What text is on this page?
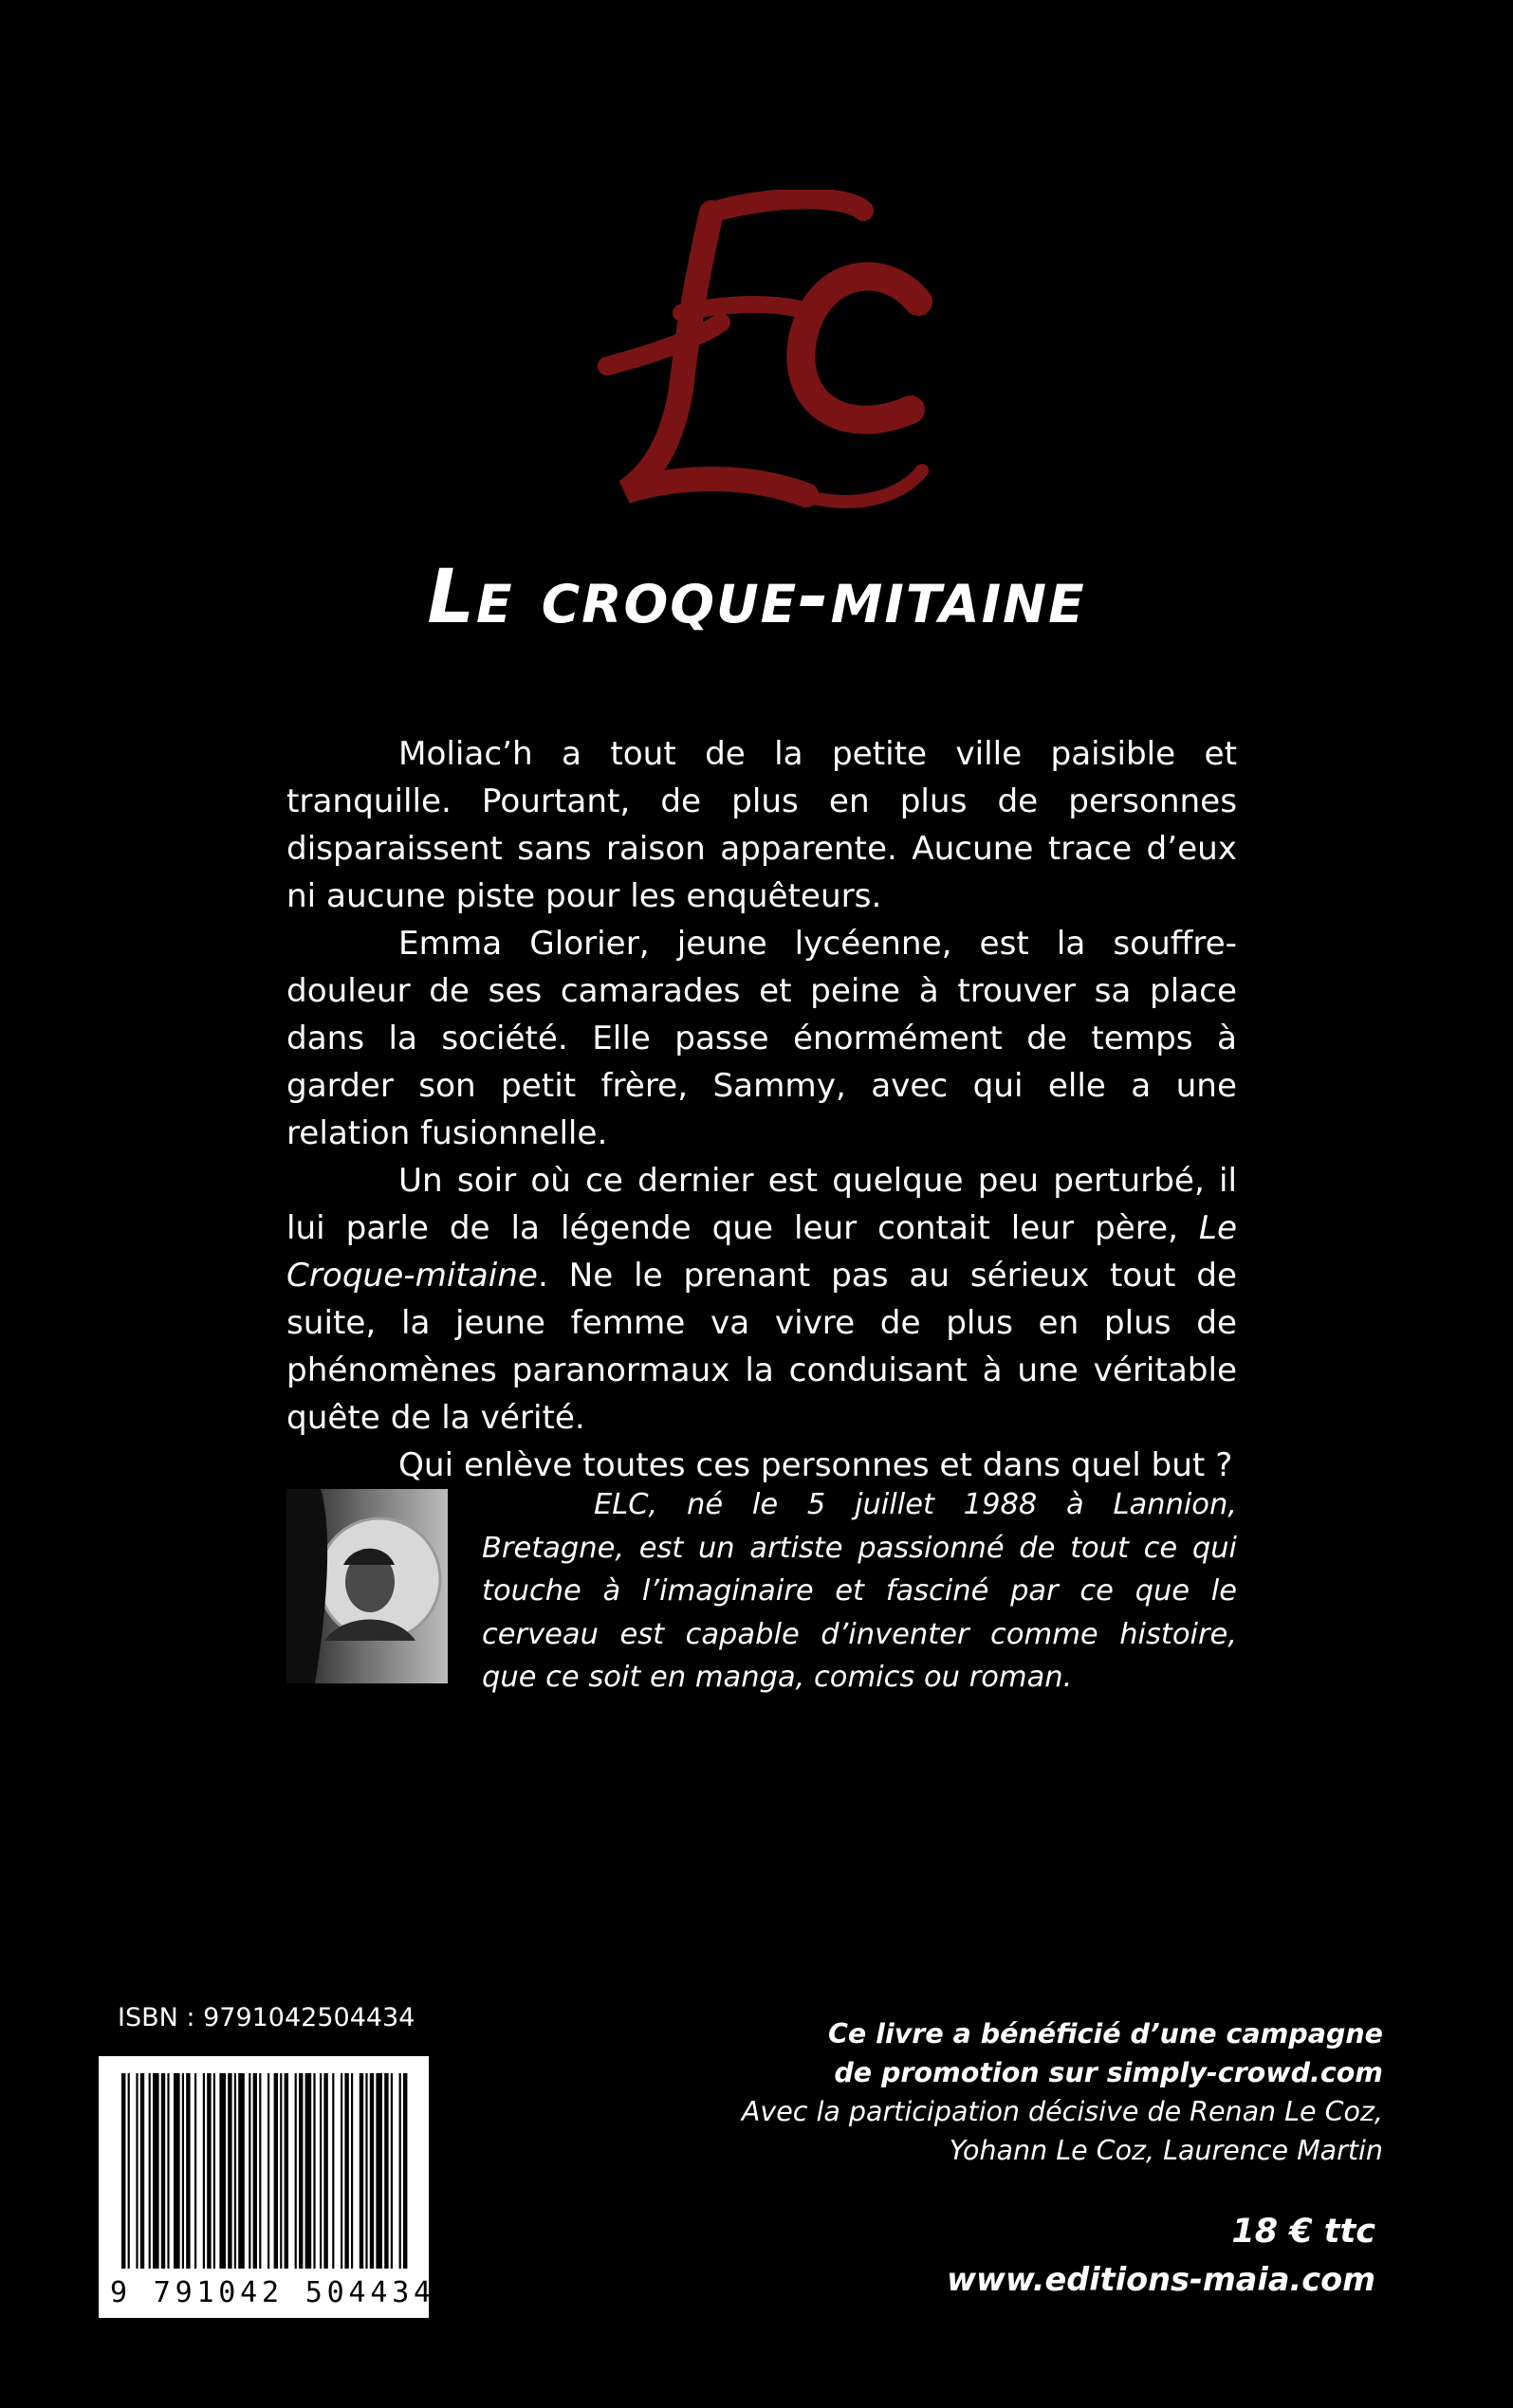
Le croque-mitaine

Moliac’h a tout de la petite ville paisible et tranquille. Pourtant, de plus en plus de personnes disparaissent sans raison apparente. Aucune trace d’eux ni aucune piste pour les enquêteurs.

Emma Glorier, jeune lycéenne, est la souffre-douleur de ses camarades et peine à trouver sa place dans la société. Elle passe énormément de temps à garder son petit frère, Sammy, avec qui elle a une relation fusionnelle.

Un soir où ce dernier est quelque peu perturbé, il lui parle de la légende que leur contait leur père, Le Croque-mitaine. Ne le prenant pas au sérieux tout de suite, la jeune femme va vivre de plus en plus de phénomènes paranormaux la conduisant à une véritable quête de la vérité.

Qui enlève toutes ces personnes et dans quel but ?

ELC, né le 5 juillet 1988 à Lannion, Bretagne, est un artiste passionné de tout ce qui touche à l’imaginaire et fasciné par ce que le cerveau est capable d’inventer comme histoire, que ce soit en manga, comics ou roman.

ISBN : 9791042504434
9 791042 504434
Ce livre a bénéficié d’une campagne
de promotion sur simply-crowd.com
Avec la participation décisive de Renan Le Coz,
Yohann Le Coz, Laurence Martin
18 € ttc
www.editions-maia.com
